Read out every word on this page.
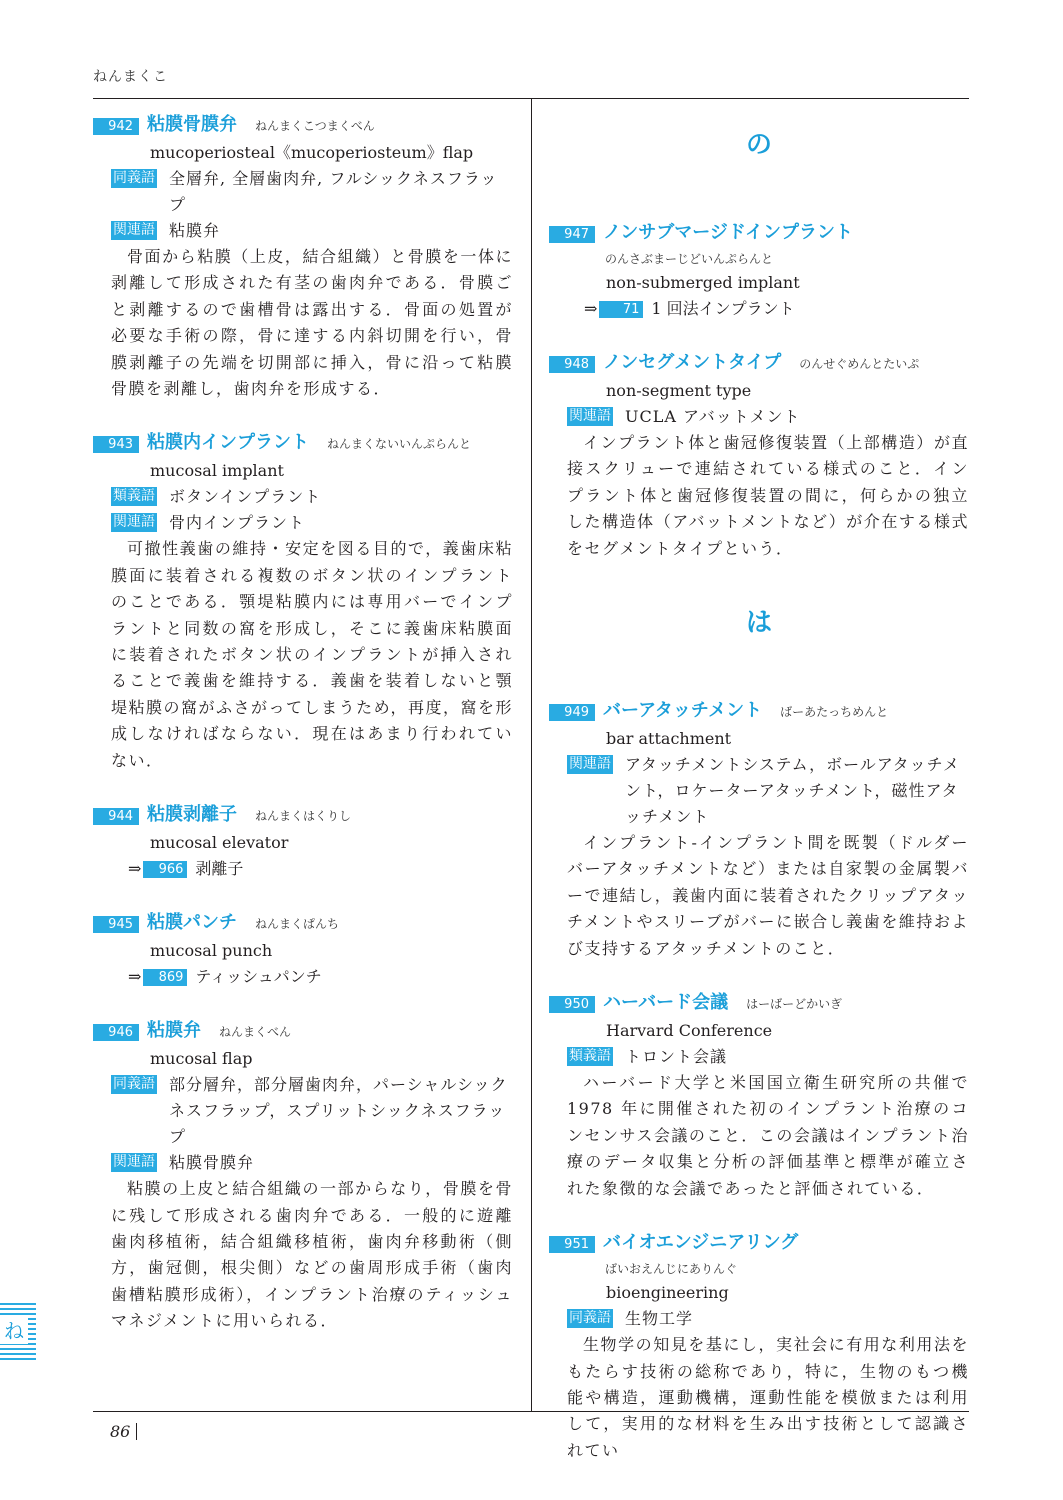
ねんまくこ
942 粘膜骨膜弁 ねんまくこつまくべん
mucoperiosteal《mucoperiosteum》flap
同義語 全層弁, 全層歯肉弁, フルシックネスフラップ
関連語 粘膜弁

骨面から粘膜（上皮，結合組織）と骨膜を一体に剥離して形成された有茎の歯肉弁である．骨膜ごと剥離するので歯槽骨は露出する．骨面の処置が必要な手術の際，骨に達する内斜切開を行い，骨膜剥離子の先端を切開部に挿入，骨に沿って粘膜骨膜を剥離し，歯肉弁を形成する．

943 粘膜内インプラント ねんまくないいんぷらんと
mucosal implant
類義語 ボタンインプラント
関連語 骨内インプラント

可撤性義歯の維持・安定を図る目的で，義歯床粘膜面に装着される複数のボタン状のインプラントのことである．顎堤粘膜内には専用バーでインプラントと同数の窩を形成し，そこに義歯床粘膜面に装着されたボタン状のインプラントが挿入されることで義歯を維持する．義歯を装着しないと顎堤粘膜の窩がふさがってしまうため，再度，窩を形成しなければならない．現在はあまり行われていない．

944 粘膜剥離子 ねんまくはくりし
mucosal elevator
⇒	966 剥離子
945 粘膜パンチ ねんまくぱんち
mucosal punch
⇒	869 ティッシュパンチ
946 粘膜弁 ねんまくべん
mucosal flap
同義語 部分層弁，部分層歯肉弁，パーシャルシックネスフラップ，スプリットシックネスフラップ
関連語 粘膜骨膜弁

粘膜の上皮と結合組織の一部からなり，骨膜を骨に残して形成される歯肉弁である．一般的に遊離歯肉移植術，結合組織移植術，歯肉弁移動術（側方，歯冠側，根尖側）などの歯周形成手術（歯肉歯槽粘膜形成術），インプラント治療のティッシュマネジメントに用いられる．

の
947 ノンサブマージドインプラント
のんさぶまーじどいんぷらんと
non-submerged implant
⇒	71 1 回法インプラント
948 ノンセグメントタイプ のんせぐめんとたいぷ
non-segment type
関連語 UCLA アバットメント

インプラント体と歯冠修復装置（上部構造）が直接スクリューで連結されている様式のこと．インプラント体と歯冠修復装置の間に，何らかの独立した構造体（アバットメントなど）が介在する様式をセグメントタイプという．

は
949 バーアタッチメント ばーあたっちめんと
bar attachment
関連語 アタッチメントシステム，ボールアタッチメント，ロケーターアタッチメント，磁性アタッチメント

インプラント-インプラント間を既製（ドルダーバーアタッチメントなど）または自家製の金属製バーで連結し，義歯内面に装着されたクリップアタッチメントやスリーブがバーに嵌合し義歯を維持および支持するアタッチメントのこと．

950 ハーバード会議 はーばーどかいぎ
Harvard Conference
類義語 トロント会議

ハーバード大学と米国国立衛生研究所の共催で1978 年に開催された初のインプラント治療のコンセンサス会議のこと．この会議はインプラント治療のデータ収集と分析の評価基準と標準が確立された象徴的な会議であったと評価されている．

951 バイオエンジニアリング
ばいおえんじにありんぐ
bioengineering
同義語 生物工学

生物学の知見を基にし，実社会に有用な利用法をもたらす技術の総称であり，特に，生物のもつ機能や構造，運動機構，運動性能を模倣または利用して，実用的な材料を生み出す技術として認識されてい

86
ね
